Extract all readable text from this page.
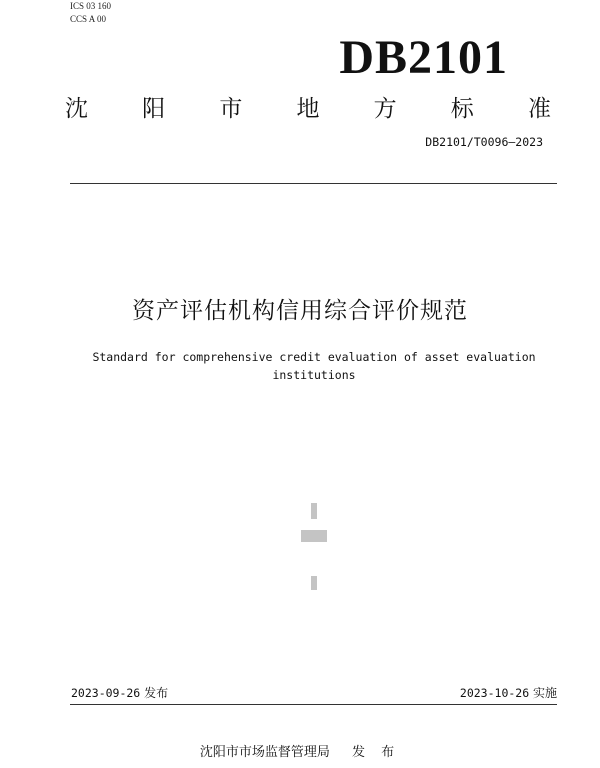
ICS 03 160
CCS A 00
DB2101
沈 阳 市 地 方 标 准
DB2101/T0096—2023
资产评估机构信用综合评价规范
Standard for comprehensive credit evaluation of asset evaluation
institutions
2023-09-26 发布	2023-10-26 实施
沈阳市市场监督管理局 发 布
